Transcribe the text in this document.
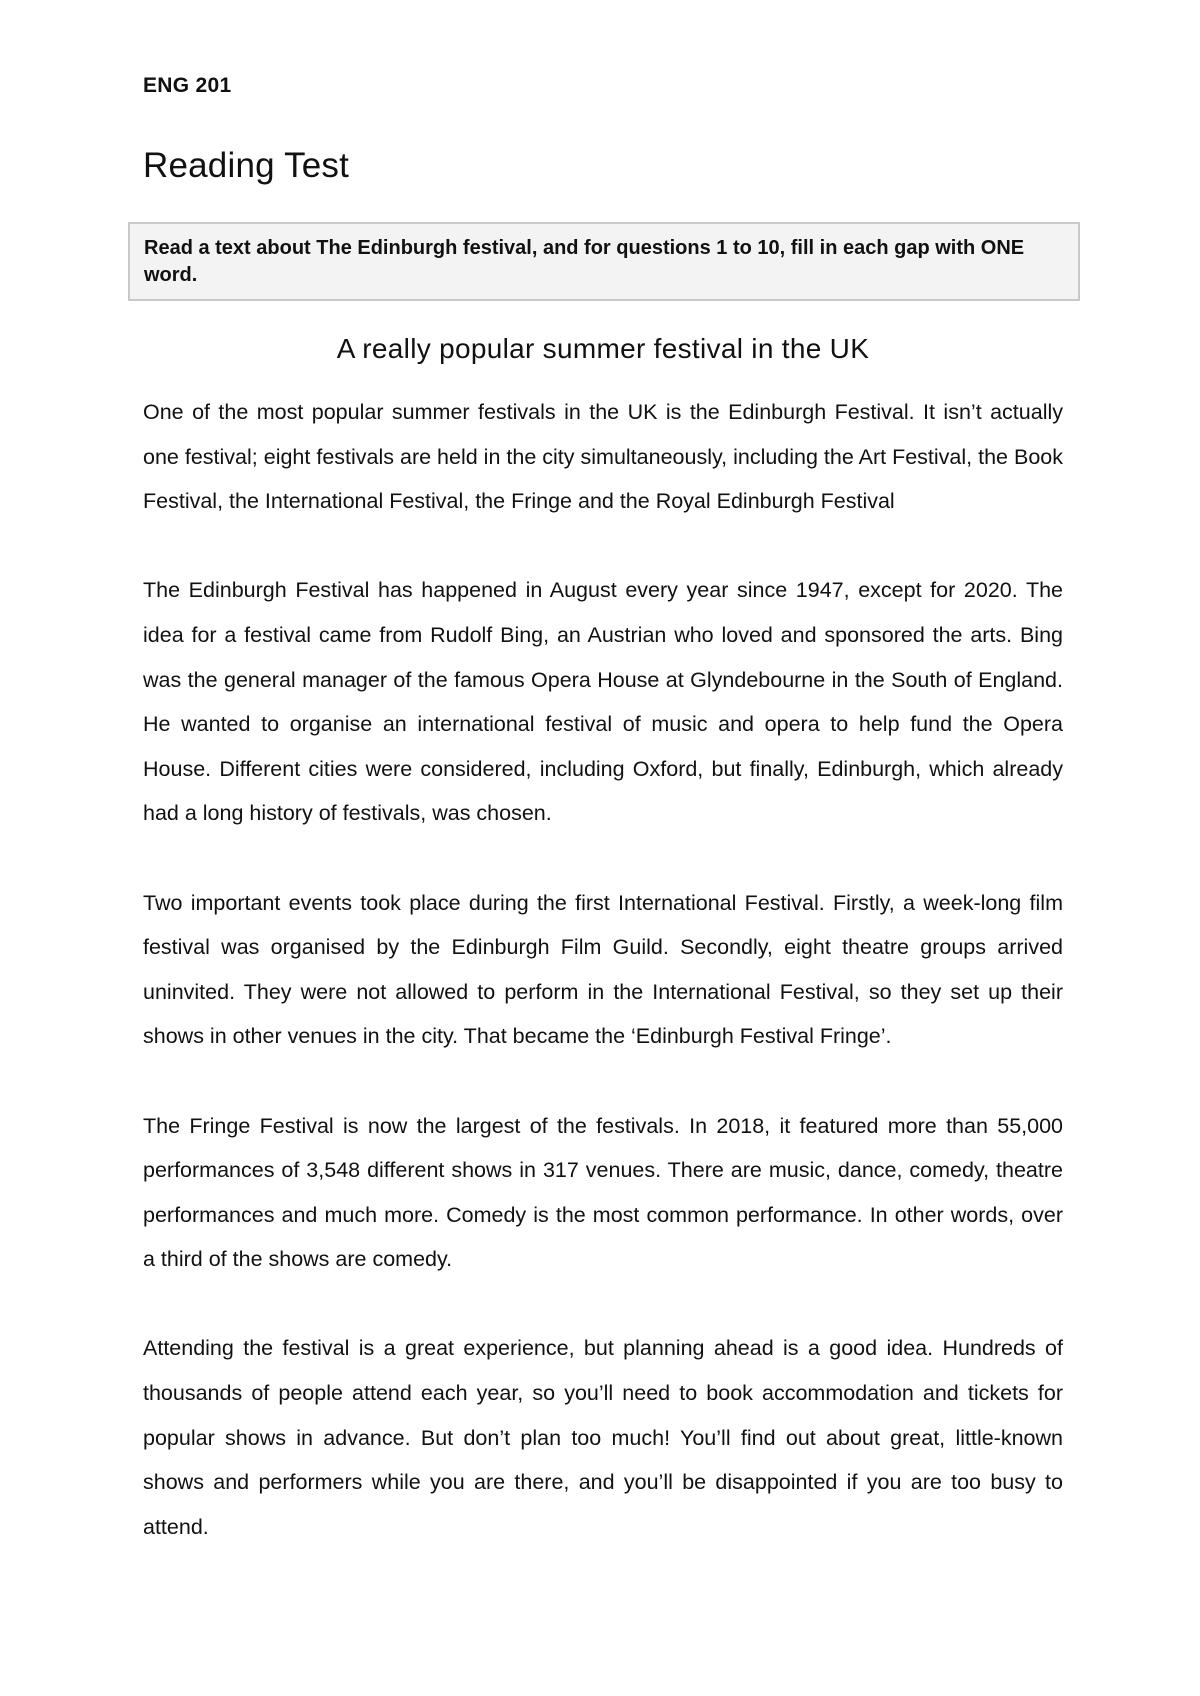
ENG 201
Reading Test
Read a text about The Edinburgh festival, and for questions 1 to 10, fill in each gap with ONE word.
A really popular summer festival in the UK

One of the most popular summer festivals in the UK is the Edinburgh Festival. It isn’t actually one festival; eight festivals are held in the city simultaneously, including the Art Festival, the Book Festival, the International Festival, the Fringe and the Royal Edinburgh Festival

The Edinburgh Festival has happened in August every year since 1947, except for 2020. The idea for a festival came from Rudolf Bing, an Austrian who loved and sponsored the arts. Bing was the general manager of the famous Opera House at Glyndebourne in the South of England. He wanted to organise an international festival of music and opera to help fund the Opera House. Different cities were considered, including Oxford, but finally, Edinburgh, which already had a long history of festivals, was chosen.

Two important events took place during the first International Festival. Firstly, a week-long film festival was organised by the Edinburgh Film Guild. Secondly, eight theatre groups arrived uninvited. They were not allowed to perform in the International Festival, so they set up their shows in other venues in the city. That became the ‘Edinburgh Festival Fringe’.

The Fringe Festival is now the largest of the festivals. In 2018, it featured more than 55,000 performances of 3,548 different shows in 317 venues. There are music, dance, comedy, theatre performances and much more. Comedy is the most common performance. In other words, over a third of the shows are comedy.

Attending the festival is a great experience, but planning ahead is a good idea. Hundreds of thousands of people attend each year, so you’ll need to book accommodation and tickets for popular shows in advance. But don’t plan too much! You’ll find out about great, little-known shows and performers while you are there, and you’ll be disappointed if you are too busy to attend.
